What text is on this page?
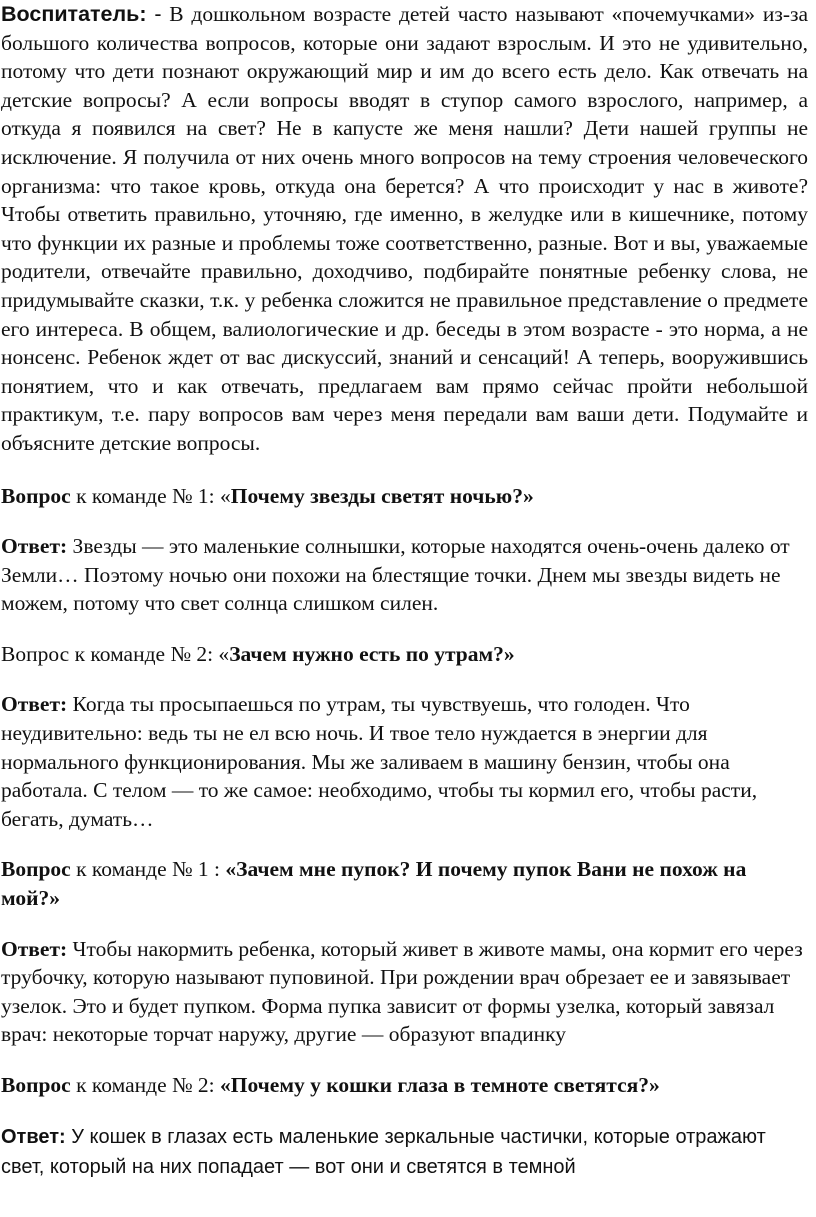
Воспитатель: - В дошкольном возрасте детей часто называют «почемучками» из-за большого количества вопросов, которые они задают взрослым. И это не удивительно, потому что дети познают окружающий мир и им до всего есть дело. Как отвечать на детские вопросы? А если вопросы вводят в ступор самого взрослого, например, а откуда я появился на свет? Не в капусте же меня нашли? Дети нашей группы не исключение. Я получила от них очень много вопросов на тему строения человеческого организма: что такое кровь, откуда она берется? А что происходит у нас в животе? Чтобы ответить правильно, уточняю, где именно, в желудке или в кишечнике, потому что функции их разные и проблемы тоже соответственно, разные. Вот и вы, уважаемые родители, отвечайте правильно, доходчиво, подбирайте понятные ребенку слова, не придумывайте сказки, т.к. у ребенка сложится не правильное представление о предмете его интереса. В общем, валиологические и др. беседы в этом возрасте - это норма, а не нонсенс. Ребенок ждет от вас дискуссий, знаний и сенсаций! А теперь, вооружившись понятием, что и как отвечать, предлагаем вам прямо сейчас пройти небольшой практикум, т.е. пару вопросов вам через меня передали вам ваши дети. Подумайте и объясните детские вопросы.

Вопрос к команде № 1: «Почему звезды светят ночью?»

Ответ: Звезды — это маленькие солнышки, которые находятся очень-очень далеко от Земли… Поэтому ночью они похожи на блестящие точки. Днем мы звезды видеть не можем, потому что свет солнца слишком силен.

Вопрос к команде № 2: «Зачем нужно есть по утрам?»

Ответ: Когда ты просыпаешься по утрам, ты чувствуешь, что голоден. Что неудивительно: ведь ты не ел всю ночь. И твое тело нуждается в энергии для нормального функционирования. Мы же заливаем в машину бензин, чтобы она работала. С телом — то же самое: необходимо, чтобы ты кормил его, чтобы расти, бегать, думать…

Вопрос к команде № 1 : «Зачем мне пупок? И почему пупок Вани не похож на мой?»

Ответ: Чтобы накормить ребенка, который живет в животе мамы, она кормит его через трубочку, которую называют пуповиной. При рождении врач обрезает ее и завязывает узелок. Это и будет пупком. Форма пупка зависит от формы узелка, который завязал врач: некоторые торчат наружу, другие — образуют впадинку

Вопрос к команде № 2: «Почему у кошки глаза в темноте светятся?»

Ответ: У кошек в глазах есть маленькие зеркальные частички, которые отражают свет, который на них попадает — вот они и светятся в темной
